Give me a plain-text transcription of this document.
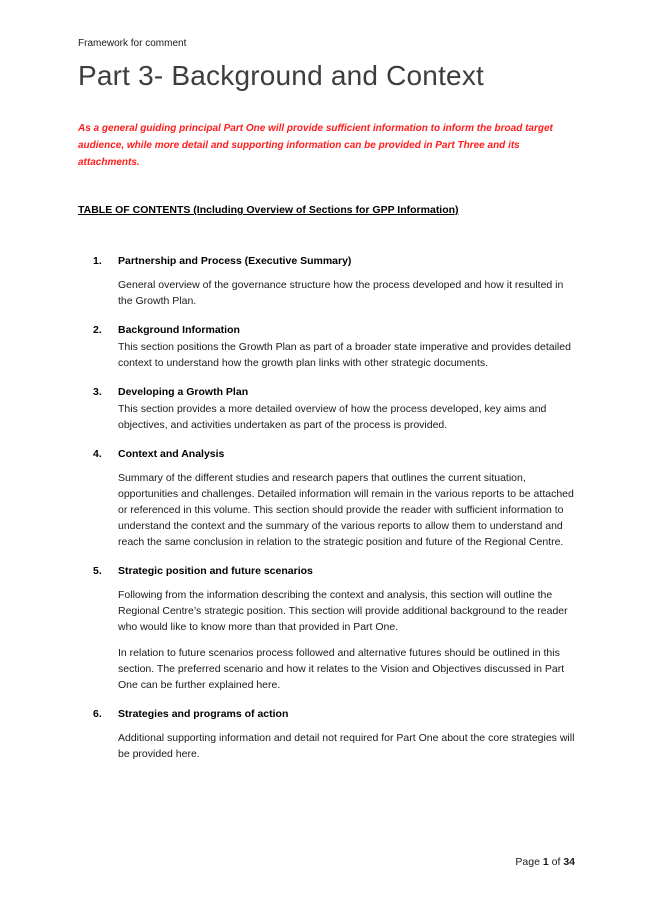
Framework for comment

Part 3- Background and Context

As a general guiding principal Part One will provide sufficient information to inform the broad target audience, while more detail and supporting information can be provided in Part Three and its attachments.

TABLE OF CONTENTS (Including Overview of Sections for GPP Information)

1. Partnership and Process (Executive Summary)

General overview of the governance structure how the process developed and how it resulted in the Growth Plan.

2. Background Information

This section positions the Growth Plan as part of a broader state imperative and provides detailed context to understand how the growth plan links with other strategic documents.

3. Developing a Growth Plan

This section provides a more detailed overview of how the process developed, key aims and objectives, and activities undertaken as part of the process is provided.

4. Context and Analysis

Summary of the different studies and research papers that outlines the current situation, opportunities and challenges. Detailed information will remain in the various reports to be attached or referenced in this volume. This section should provide the reader with sufficient information to understand the context and the summary of the various reports to allow them to understand and reach the same conclusion in relation to the strategic position and future of the Regional Centre.

5. Strategic position and future scenarios

Following from the information describing the context and analysis, this section will outline the Regional Centre’s strategic position. This section will provide additional background to the reader who would like to know more than that provided in Part One.

In relation to future scenarios process followed and alternative futures should be outlined in this section. The preferred scenario and how it relates to the Vision and Objectives discussed in Part One can be further explained here.

6. Strategies and programs of action

Additional supporting information and detail not required for Part One about the core strategies will be provided here.

Page 1 of 34
